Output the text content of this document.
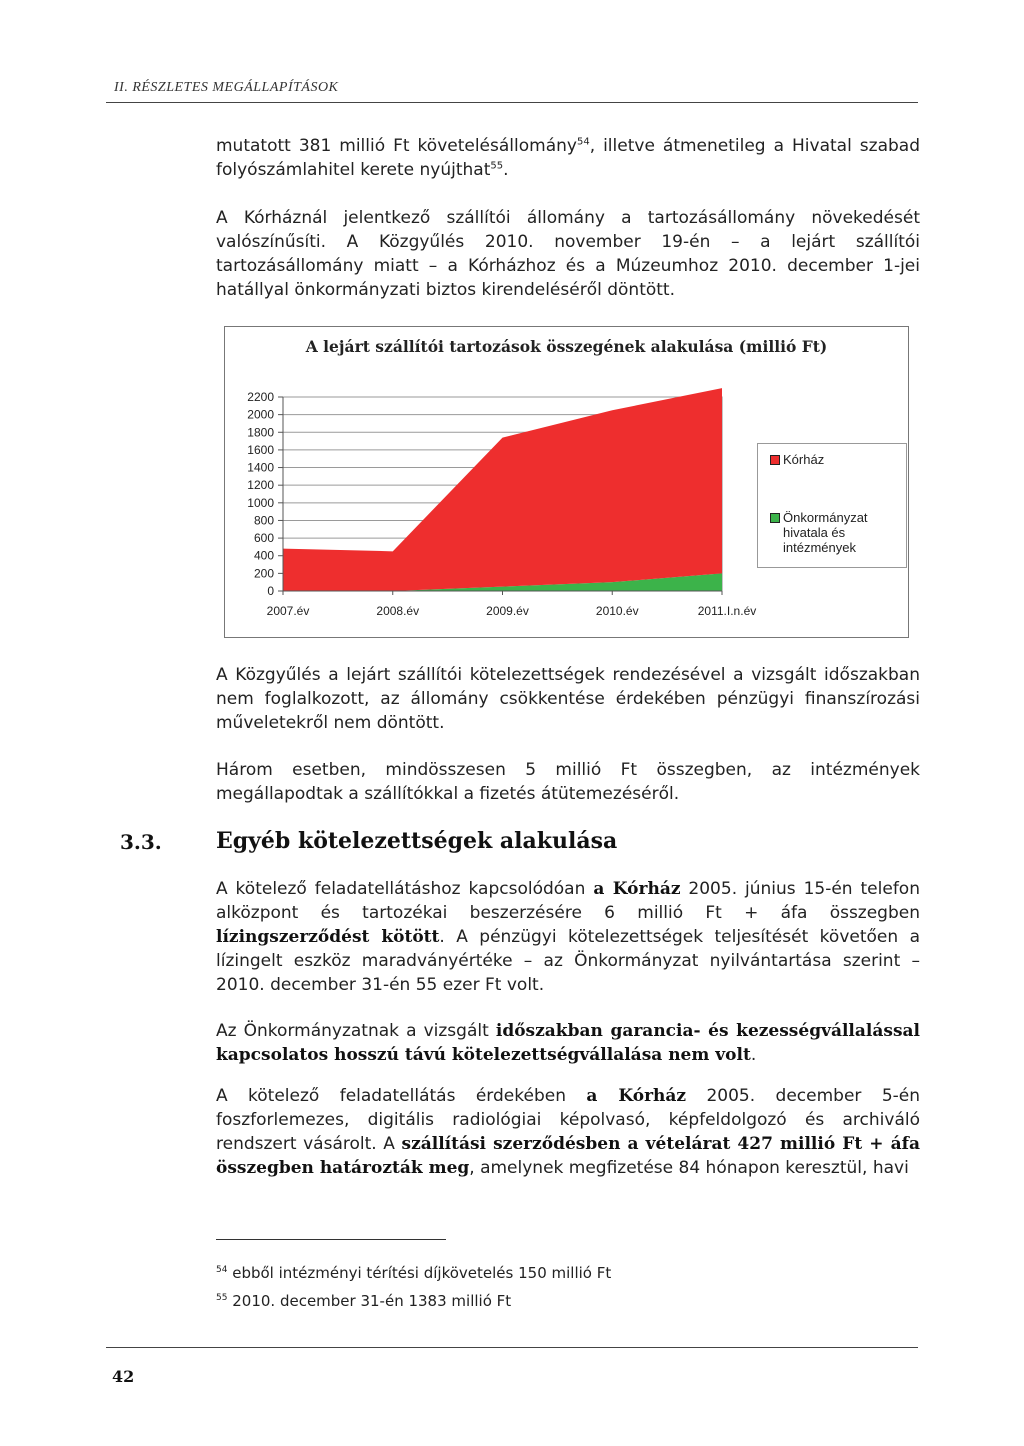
II. RÉSZLETES MEGÁLLAPÍTÁSOK

mutatott 381 millió Ft követelésállomány$^{54}$, illetve átmenetileg a Hivatal szabad folyószámlahitel kerete nyújthat$^{55}$.

A Kórháznál jelentkező szállítói állomány a tartozásállomány növekedését valószínűsíti. A Közgyűlés 2010. november 19-én – a lejárt szállítói tartozásállomány miatt – a Kórházhoz és a Múzeumhoz 2010. december 1-jei hatállyal önkormányzati biztos kirendeléséről döntött.

A lejárt szállítói tartozások összegének alakulása (millió Ft)
0
200
400
600
800
1000
1200
1400
1600
1800
2000
2200
2007.év	2008.év	2009.év	2010.év	2011.I.n.év
Kórház
Önkormányzat hivatala és intézmények

A Közgyűlés a lejárt szállítói kötelezettségek rendezésével a vizsgált időszakban nem foglalkozott, az állomány csökkentése érdekében pénzügyi finanszírozási műveletekről nem döntött.

Három esetben, mindösszesen 5 millió Ft összegben, az intézmények megállapodtak a szállítókkal a fizetés átütemezéséről.

3.3. Egyéb kötelezettségek alakulása

A kötelező feladatellátáshoz kapcsolódóan a Kórház 2005. június 15-én telefon alközpont és tartozékai beszerzésére 6 millió Ft + áfa összegben lízingszerződést kötött. A pénzügyi kötelezettségek teljesítését követően a lízingelt eszköz maradványértéke – az Önkormányzat nyilvántartása szerint – 2010. december 31-én 55 ezer Ft volt.

Az Önkormányzatnak a vizsgált időszakban garancia- és kezességvállalással kapcsolatos hosszú távú kötelezettségvállalása nem volt.

A kötelező feladatellátás érdekében a Kórház 2005. december 5-én foszforlemezes, digitális radiológiai képolvasó, képfeldolgozó és archiváló rendszert vásárolt. A szállítási szerződésben a vételárat 427 millió Ft + áfa összegben határozták meg, amelynek megfizetése 84 hónapon keresztül, havi

$^{54}$ ebből intézményi térítési díjkövetelés 150 millió Ft
$^{55}$ 2010. december 31-én 1383 millió Ft
42
